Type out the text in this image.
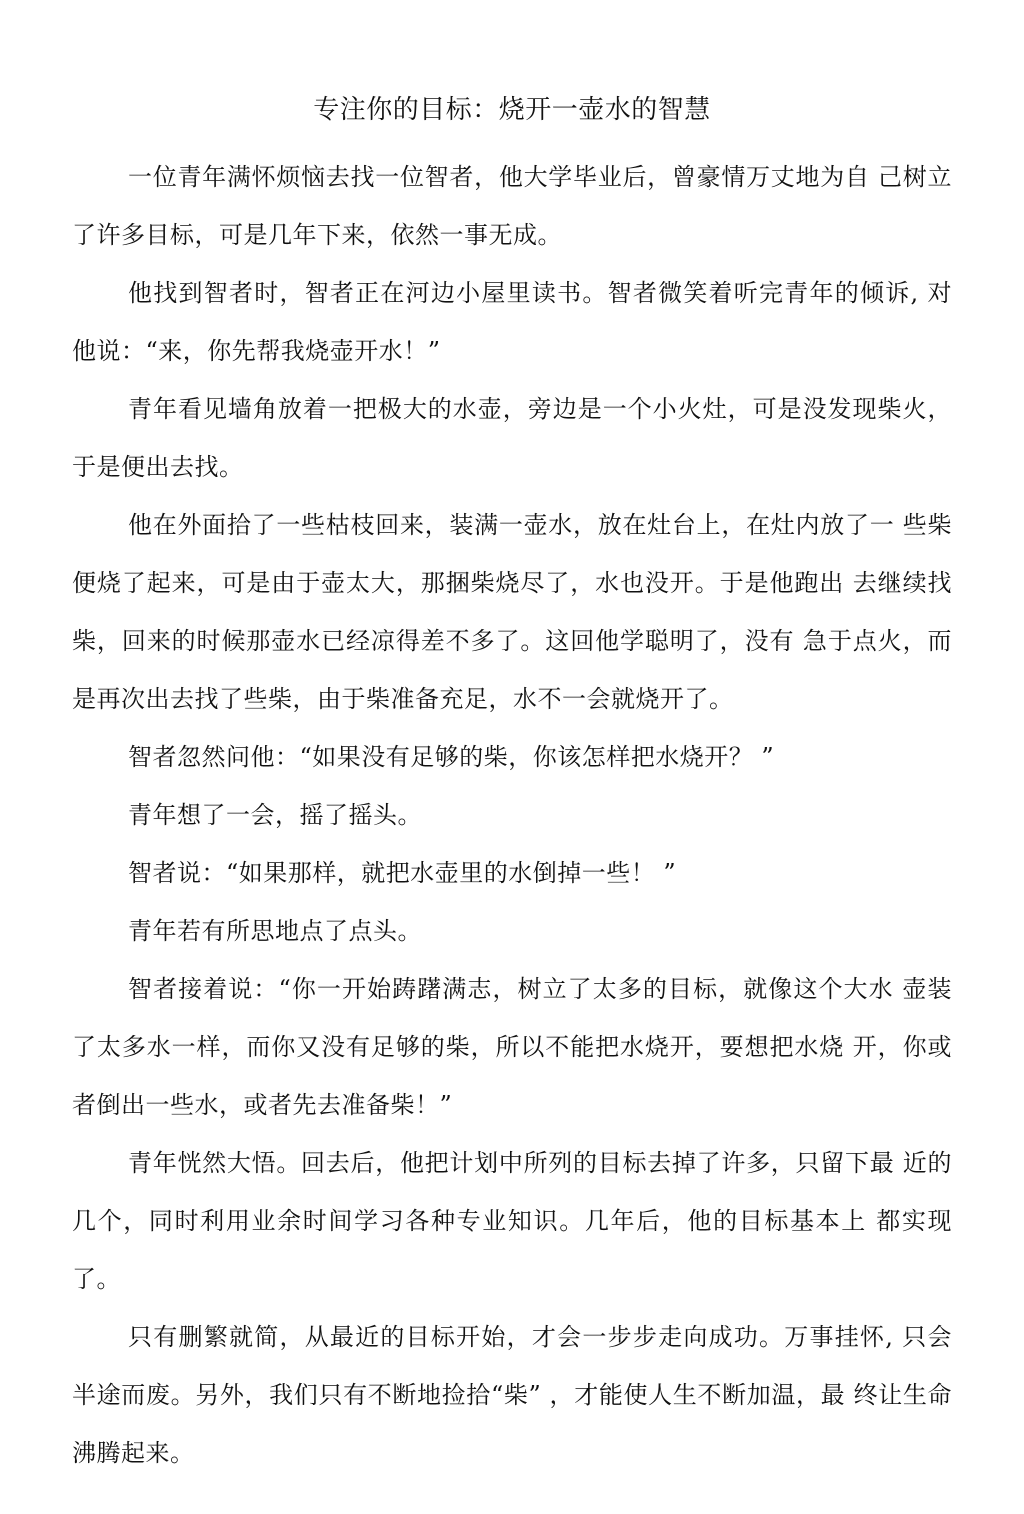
专注你的目标：烧开一壶水的智慧

一位青年满怀烦恼去找一位智者，他大学毕业后，曾豪情万丈地为自 己树立了许多目标，可是几年下来，依然一事无成。

他找到智者时，智者正在河边小屋里读书。智者微笑着听完青年的倾诉, 对他说：“来，你先帮我烧壶开水！”

青年看见墙角放着一把极大的水壶，旁边是一个小火灶，可是没发现柴火，于是便出去找。

他在外面拾了一些枯枝回来，装满一壶水，放在灶台上，在灶内放了一 些柴便烧了起来，可是由于壶太大，那捆柴烧尽了，水也没开。于是他跑出 去继续找柴，回来的时候那壶水已经凉得差不多了。这回他学聪明了，没有 急于点火，而是再次出去找了些柴，由于柴准备充足，水不一会就烧开了。

智者忽然问他：“如果没有足够的柴，你该怎样把水烧开？ ”

青年想了一会，摇了摇头。

智者说：“如果那样，就把水壶里的水倒掉一些！ ”

青年若有所思地点了点头。

智者接着说：“你一开始踌躇满志，树立了太多的目标，就像这个大水 壶装了太多水一样，而你又没有足够的柴，所以不能把水烧开，要想把水烧 开，你或者倒出一些水，或者先去准备柴！”

青年恍然大悟。回去后，他把计划中所列的目标去掉了许多，只留下最 近的几个，同时利用业余时间学习各种专业知识。几年后，他的目标基本上 都实现了。

只有删繁就简，从最近的目标开始，才会一步步走向成功。万事挂怀, 只会半途而废。另外，我们只有不断地捡拾“柴” ，才能使人生不断加温，最 终让生命沸腾起来。
